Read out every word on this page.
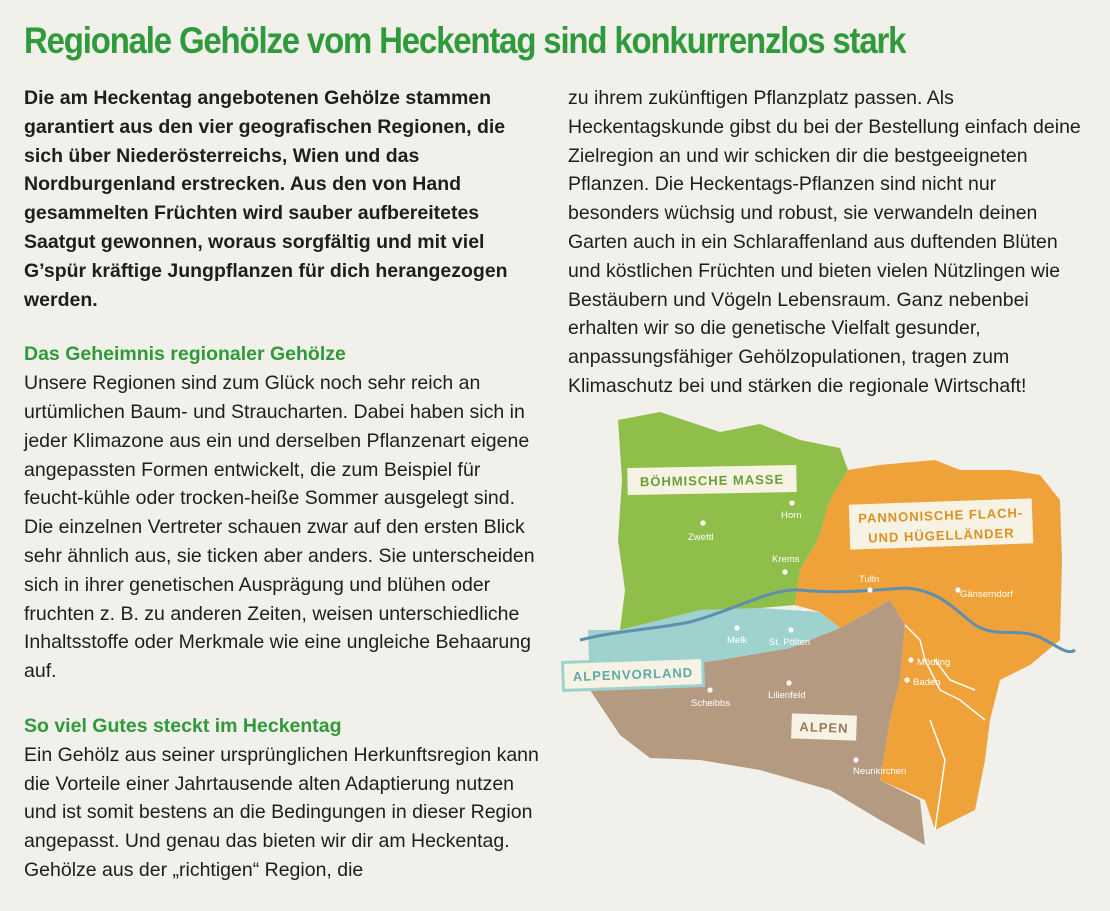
Regionale Gehölze vom Heckentag sind konkurrenzlos stark

Die am Heckentag angebotenen Gehölze stammen garantiert aus den vier geografischen Regionen, die sich über Niederösterreichs, Wien und das Nordburgenland erstrecken. Aus den von Hand gesammelten Früchten wird sauber aufbereitetes Saatgut gewonnen, woraus sorgfältig und mit viel G’spür kräftige Jungpflanzen für dich herangezogen werden.

Das Geheimnis regionaler Gehölze

Unsere Regionen sind zum Glück noch sehr reich an urtümlichen Baum- und Straucharten. Dabei haben sich in jeder Klimazone aus ein und derselben Pflanzenart eigene angepassten Formen entwickelt, die zum Beispiel für feucht-kühle oder trocken-heiße Sommer ausgelegt sind. Die einzelnen Vertreter schauen zwar auf den ersten Blick sehr ähnlich aus, sie ticken aber anders. Sie unterscheiden sich in ihrer genetischen Ausprägung und blühen oder fruchten z. B. zu anderen Zeiten, weisen unterschiedliche Inhaltsstoffe oder Merkmale wie eine ungleiche Behaarung auf.

So viel Gutes steckt im Heckentag

Ein Gehölz aus seiner ursprünglichen Herkunftsregion kann die Vorteile einer Jahrtausende alten Adaptierung nutzen und ist somit bestens an die Bedingungen in dieser Region angepasst. Und genau das bieten wir dir am Heckentag. Gehölze aus der „richtigen“ Region, die

zu ihrem zukünftigen Pflanzplatz passen. Als Heckentagskunde gibst du bei der Bestellung einfach deine Zielregion an und wir schicken dir die bestgeeigneten Pflanzen. Die Heckentags-Pflanzen sind nicht nur besonders wüchsig und robust, sie verwandeln deinen Garten auch in ein Schlaraffenland aus duftenden Blüten und köstlichen Früchten und bieten vielen Nützlingen wie Bestäubern und Vögeln Lebensraum. Ganz nebenbei erhalten wir so die genetische Vielfalt gesunder, anpassungsfähiger Gehölzopulationen, tragen zum Klimaschutz bei und stärken die regionale Wirtschaft!

Horn
Zwettl
Krems
Tulln
Gänserndorf
Melk St. Pölten
Mödling
Baden
Scheibbs
Lilienfeld
Neunkirchen
BÖHMISCHE MASSE
PANNONISCHE FLACH-
UND HÜGELLÄNDER
ALPENVORLAND
ALPEN
